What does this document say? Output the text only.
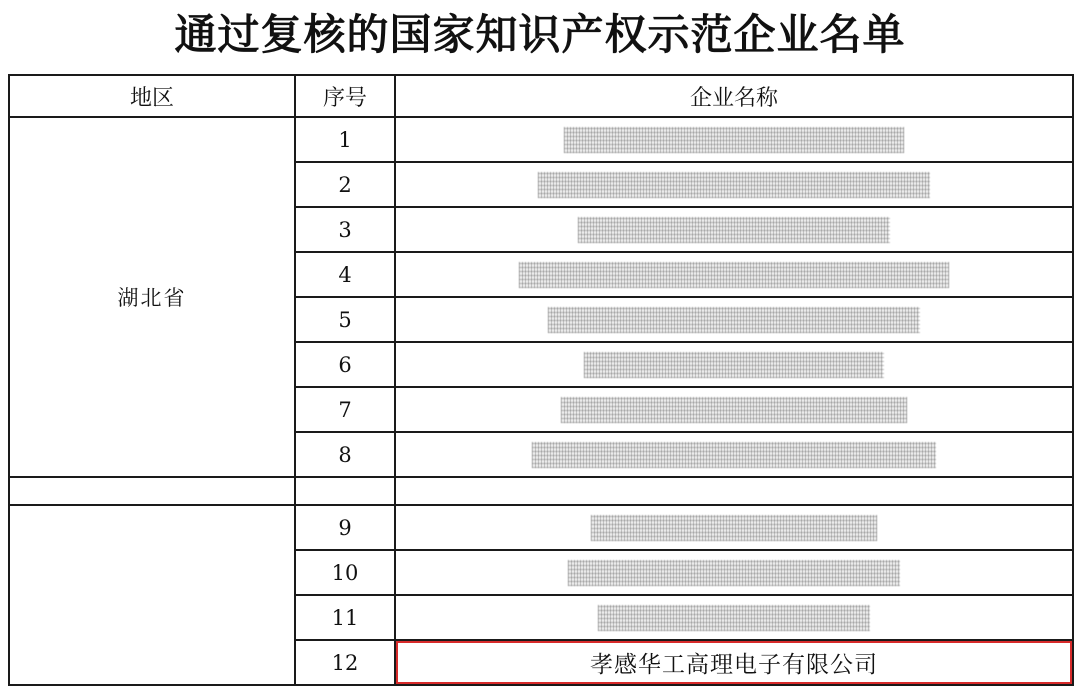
通过复核的国家知识产权示范企业名单
地区	序号	企业名称
湖北省	1	

	2	

	3	

	4	

	5	

	6	

	7	

	8	

	9	

	10	

	11	

	12	孝感华工高理电子有限公司
